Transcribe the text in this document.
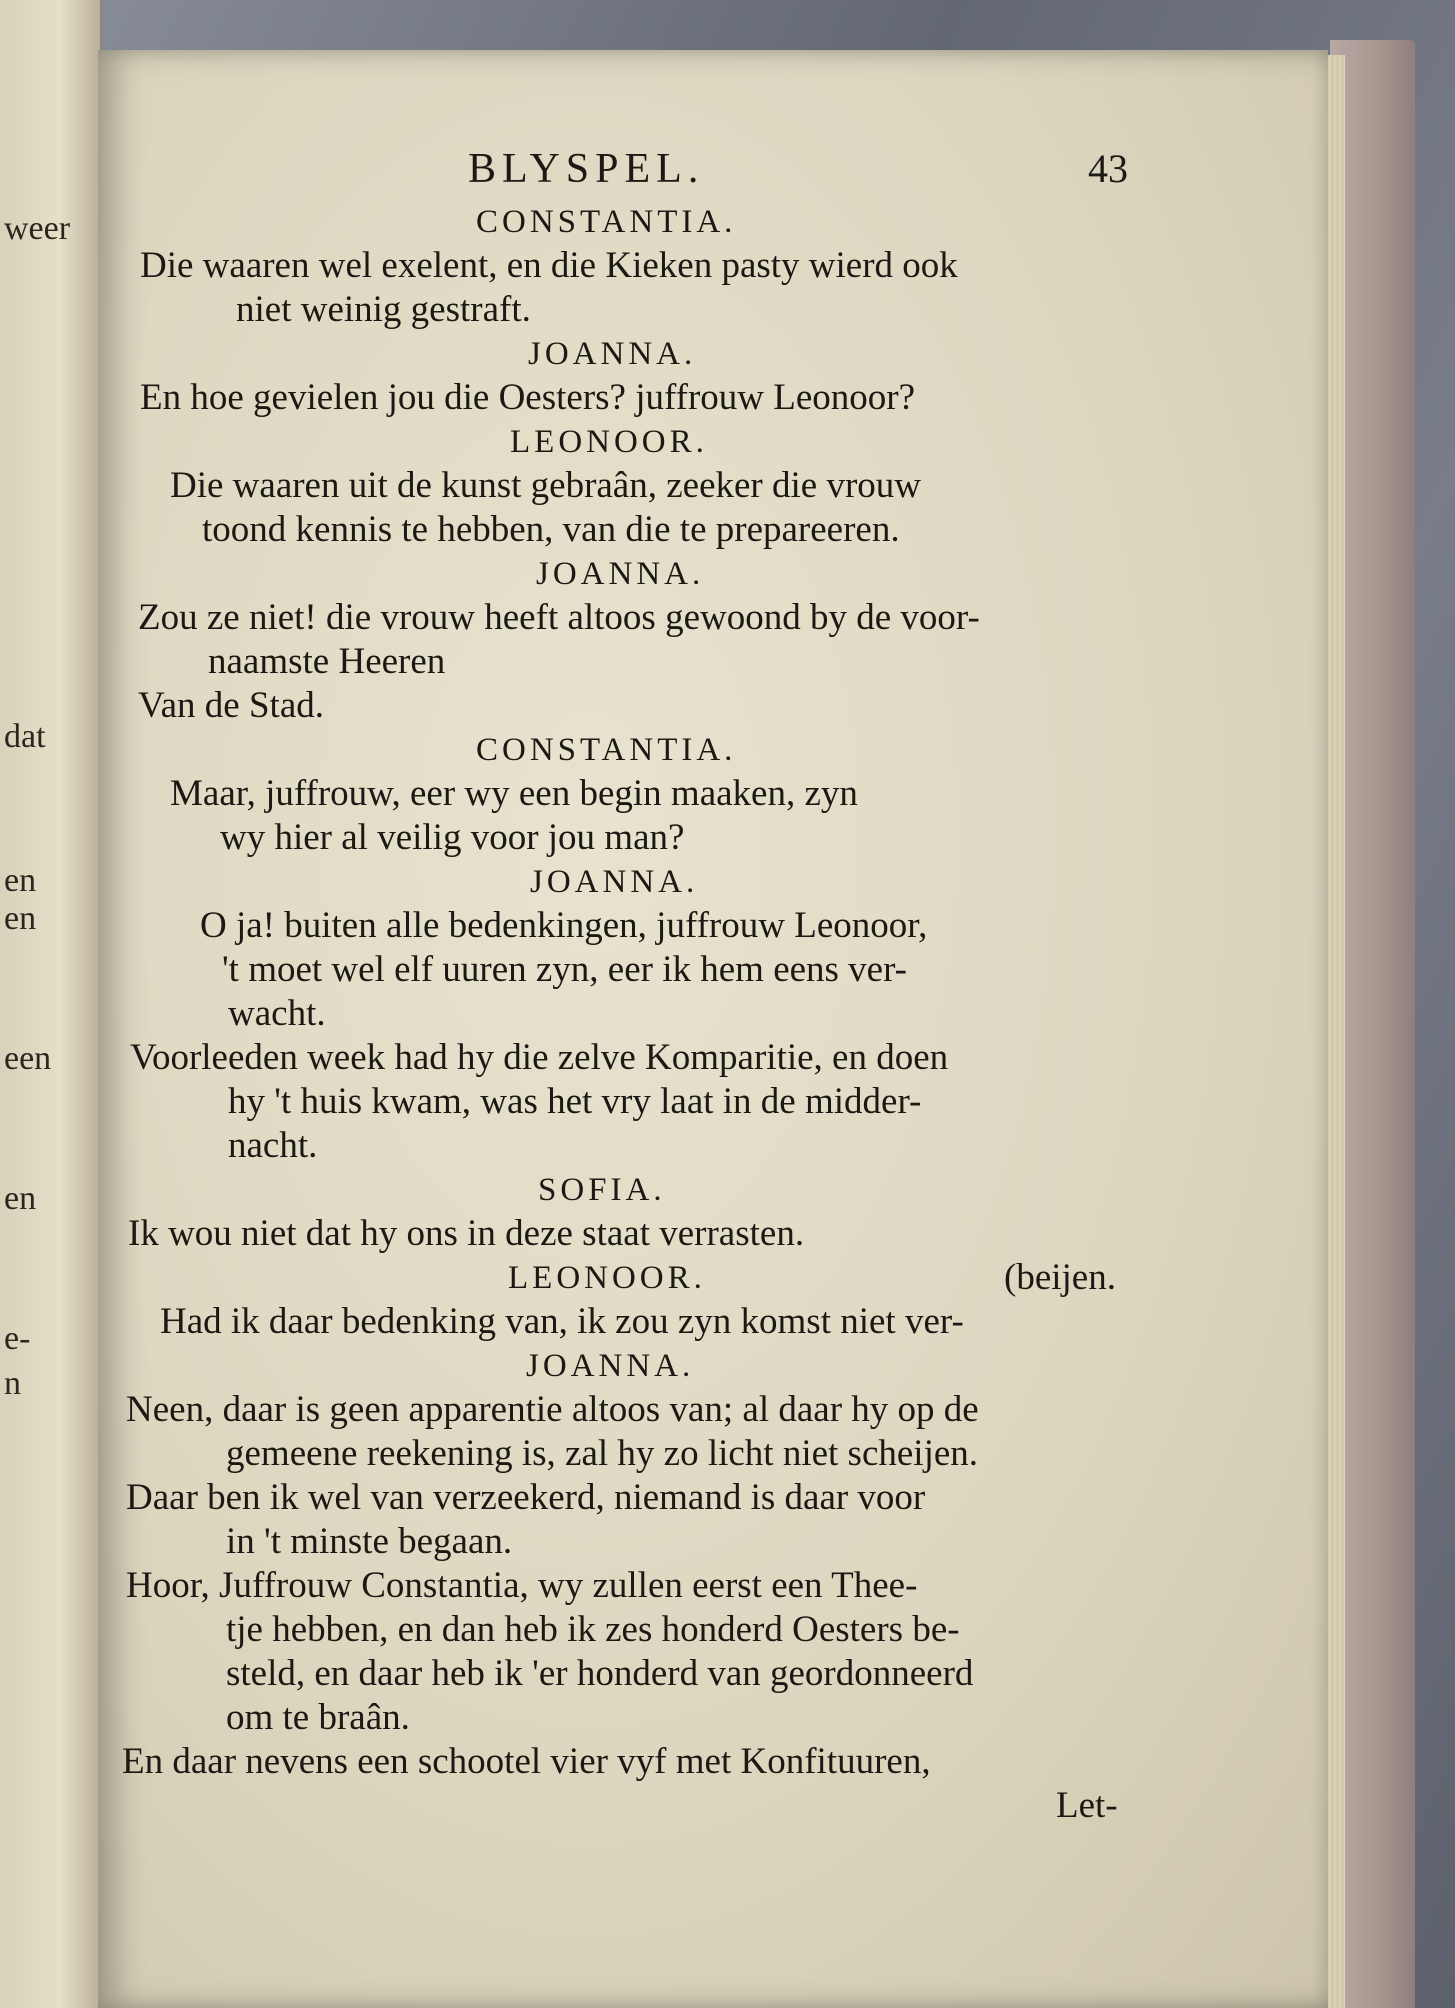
weer
dat
en
en
een
en
e-
n
BLYSPEL.	43
CONSTANTIA.
Die waaren wel exelent, en die Kieken pasty wierd ook
niet weinig gestraft.
JOANNA.
En hoe gevielen jou die Oesters? juffrouw Leonoor?
LEONOOR.
Die waaren uit de kunst gebraân, zeeker die vrouw
toond kennis te hebben, van die te prepareeren.
JOANNA.
Zou ze niet! die vrouw heeft altoos gewoond by de voor-
naamste Heeren
Van de Stad.
CONSTANTIA.
Maar, juffrouw, eer wy een begin maaken, zyn
wy hier al veilig voor jou man?
JOANNA.
O ja! buiten alle bedenkingen, juffrouw Leonoor,
't moet wel elf uuren zyn, eer ik hem eens ver-
wacht.
Voorleeden week had hy die zelve Komparitie, en doen
hy 't huis kwam, was het vry laat in de midder-
nacht.
SOFIA.
Ik wou niet dat hy ons in deze staat verrasten.
LEONOOR.	(beijen.
Had ik daar bedenking van, ik zou zyn komst niet ver-
JOANNA.
Neen, daar is geen apparentie altoos van; al daar hy op de
gemeene reekening is, zal hy zo licht niet scheijen.
Daar ben ik wel van verzeekerd, niemand is daar voor
in 't minste begaan.
Hoor, Juffrouw Constantia, wy zullen eerst een Thee-
tje hebben, en dan heb ik zes honderd Oesters be-
steld, en daar heb ik 'er honderd van geordonneerd
om te braân.
En daar nevens een schootel vier vyf met Konfituuren,
Let-
